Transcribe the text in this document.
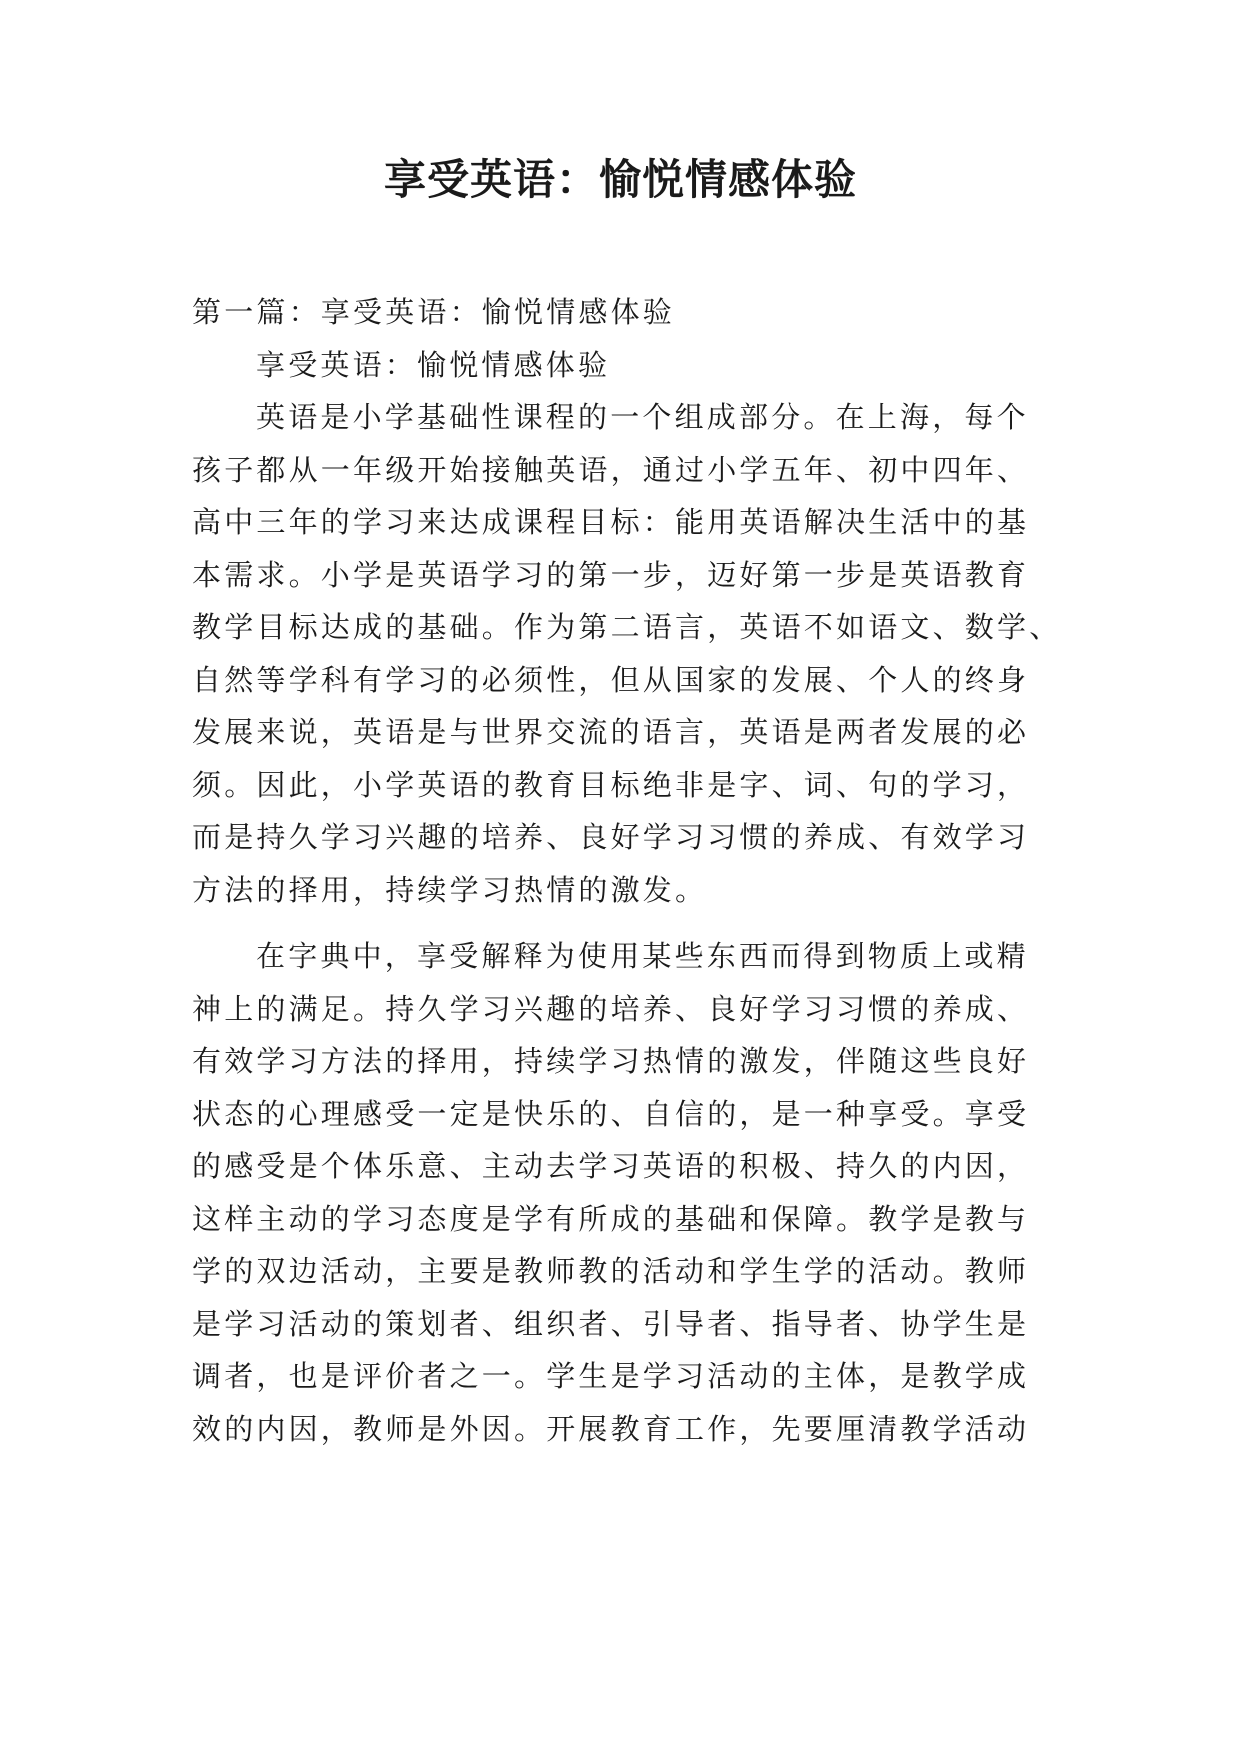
享受英语：愉悦情感体验
第一篇：享受英语：愉悦情感体验
享受英语：愉悦情感体验
英语是小学基础性课程的一个组成部分。在上海，每个
孩子都从一年级开始接触英语，通过小学五年、初中四年、
高中三年的学习来达成课程目标：能用英语解决生活中的基
本需求。小学是英语学习的第一步，迈好第一步是英语教育
教学目标达成的基础。作为第二语言，英语不如语文、数学、
自然等学科有学习的必须性，但从国家的发展、个人的终身
发展来说，英语是与世界交流的语言，英语是两者发展的必
须。因此，小学英语的教育目标绝非是字、词、句的学习，
而是持久学习兴趣的培养、良好学习习惯的养成、有效学习
方法的择用，持续学习热情的激发。
在字典中，享受解释为使用某些东西而得到物质上或精
神上的满足。持久学习兴趣的培养、良好学习习惯的养成、
有效学习方法的择用，持续学习热情的激发，伴随这些良好
状态的心理感受一定是快乐的、自信的，是一种享受。享受
的感受是个体乐意、主动去学习英语的积极、持久的内因，
这样主动的学习态度是学有所成的基础和保障。教学是教与
学的双边活动，主要是教师教的活动和学生学的活动。教师
是学习活动的策划者、组织者、引导者、指导者、协学生是
调者，也是评价者之一。学生是学习活动的主体，是教学成
效的内因，教师是外因。开展教育工作，先要厘清教学活动
